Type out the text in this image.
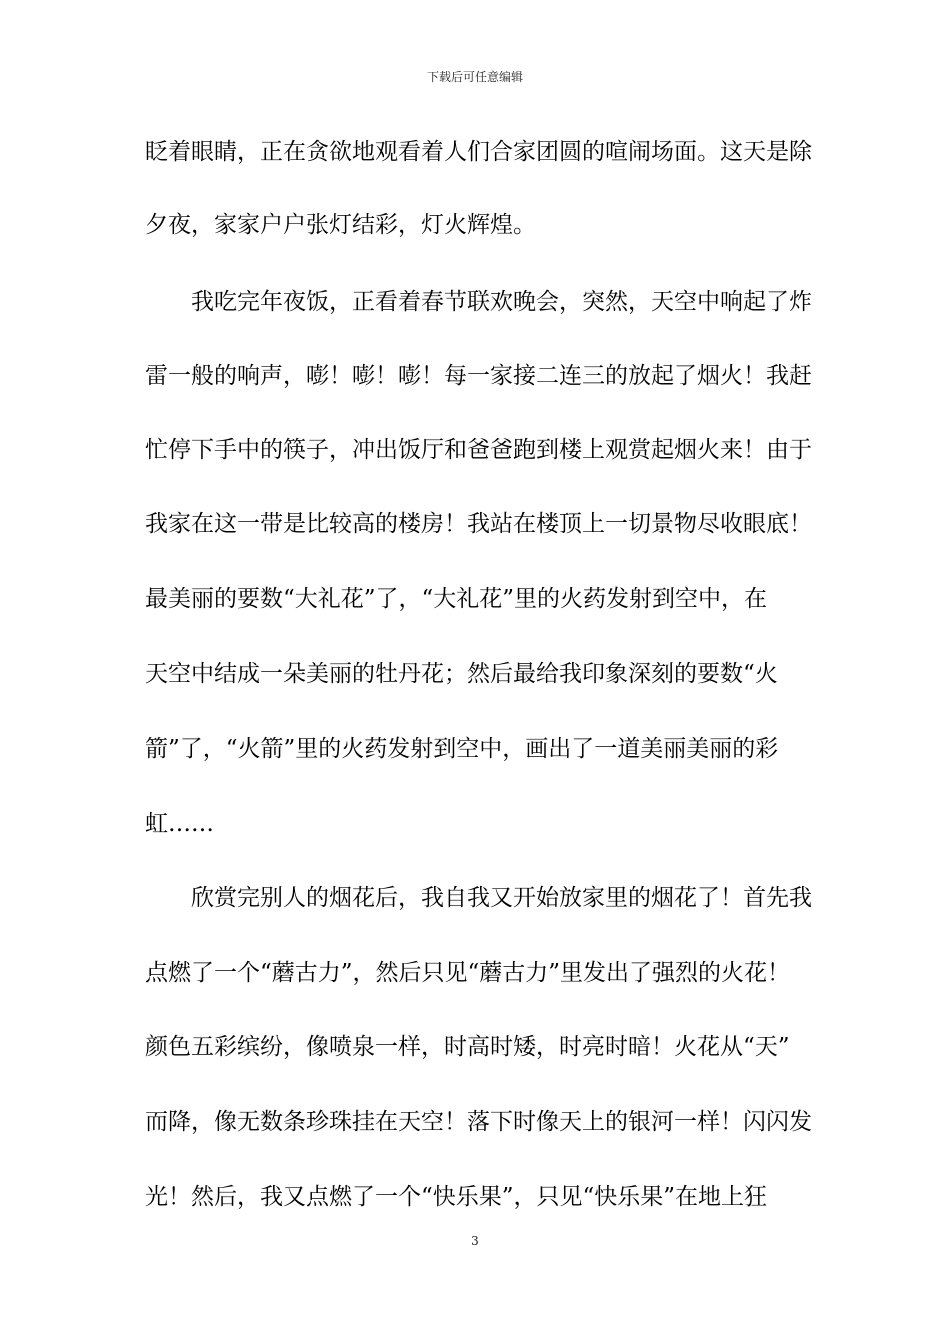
下载后可任意编辑
眨着眼睛，正在贪欲地观看着人们合家团圆的喧闹场面。这天是除
夕夜，家家户户张灯结彩，灯火辉煌。
我吃完年夜饭，正看着春节联欢晚会，突然，天空中响起了炸
雷一般的响声，嘭！嘭！嘭！每一家接二连三的放起了烟火！我赶
忙停下手中的筷子，冲出饭厅和爸爸跑到楼上观赏起烟火来！由于
我家在这一带是比较高的楼房！我站在楼顶上一切景物尽收眼底！
最美丽的要数“大礼花”了，“大礼花”里的火药发射到空中，在
天空中结成一朵美丽的牡丹花；然后最给我印象深刻的要数“火
箭”了，“火箭”里的火药发射到空中，画出了一道美丽美丽的彩
虹……
欣赏完别人的烟花后，我自我又开始放家里的烟花了！首先我
点燃了一个“蘑古力”，然后只见“蘑古力”里发出了强烈的火花！
颜色五彩缤纷，像喷泉一样，时高时矮，时亮时暗！火花从“天”
而降，像无数条珍珠挂在天空！落下时像天上的银河一样！闪闪发
光！然后，我又点燃了一个“快乐果”，只见“快乐果”在地上狂
3
